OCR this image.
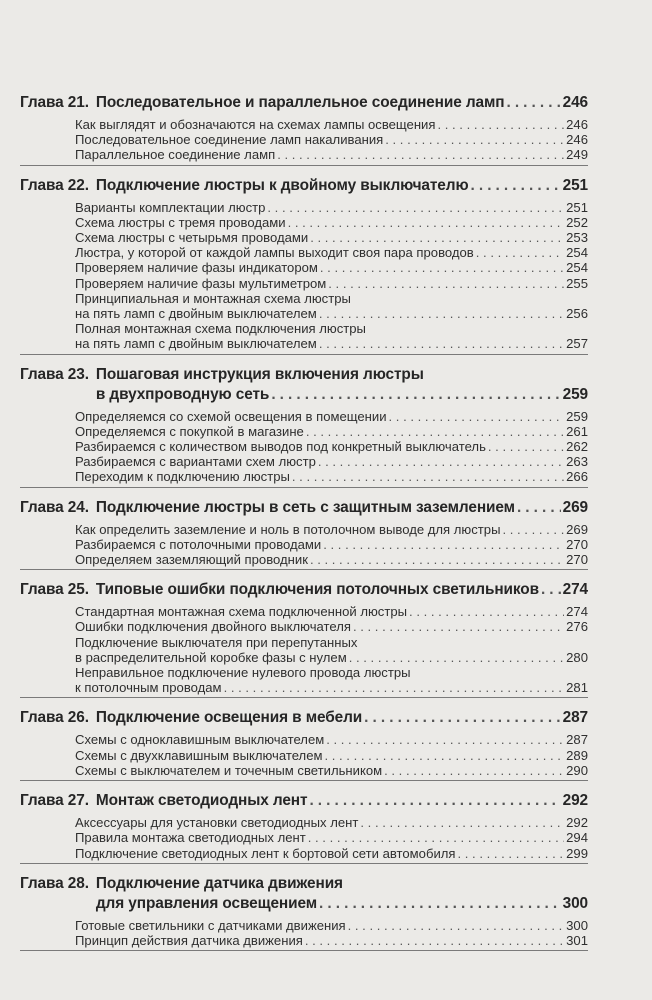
Глава 21. Последовательное и параллельное соединение ламп . . .	246
Как выглядят и обозначаются на схемах лампы освещения . . .	246
Последовательное соединение ламп накаливания . . .	246
Параллельное соединение ламп . . .	249
Глава 22. Подключение люстры к двойному выключателю . . .	251
Варианты комплектации люстр . . .	251
Схема люстры с тремя проводами . . .	252
Схема люстры с четырьмя проводами . . .	253
Люстра, у которой от каждой лампы выходит своя пара проводов . . .	254
Проверяем наличие фазы индикатором . . .	254
Проверяем наличие фазы мультиметром . . .	255
Принципиальная и монтажная схема люстры
на пять ламп с двойным выключателем . . .	256
Полная монтажная схема подключения люстры
на пять ламп с двойным выключателем . . .	257
Глава 23. Пошаговая инструкция включения люстры
в двухпроводную сеть . . .	259
Определяемся со схемой освещения в помещении . . .	259
Определяемся с покупкой в магазине . . .	261
Разбираемся с количеством выводов под конкретный выключатель . . .	262
Разбираемся с вариантами схем люстр . . .	263
Переходим к подключению люстры . . .	266
Глава 24. Подключение люстры в сеть с защитным заземлением . . .	269
Как определить заземление и ноль в потолочном выводе для люстры . . .	269
Разбираемся с потолочными проводами . . .	270
Определяем заземляющий проводник . . .	270
Глава 25. Типовые ошибки подключения потолочных светильников . . . 274
Стандартная монтажная схема подключенной люстры . . .	274
Ошибки подключения двойного выключателя . . .	276
Подключение выключателя при перепутанных
в распределительной коробке фазы с нулем . . .	280
Неправильное подключение нулевого провода люстры
к потолочным проводам . . .	281
Глава 26. Подключение освещения в мебели . . .	287
Схемы с одноклавишным выключателем . . .	287
Схемы с двухклавишным выключателем . . .	289
Схемы с выключателем и точечным светильником . . .	290
Глава 27. Монтаж светодиодных лент . . .	292
Аксессуары для установки светодиодных лент . . .	292
Правила монтажа светодиодных лент . . .	294
Подключение светодиодных лент к бортовой сети автомобиля . . .	299
Глава 28. Подключение датчика движения
для управления освещением . . .	300
Готовые светильники с датчиками движения . . .	300
Принцип действия датчика движения . . .	301
